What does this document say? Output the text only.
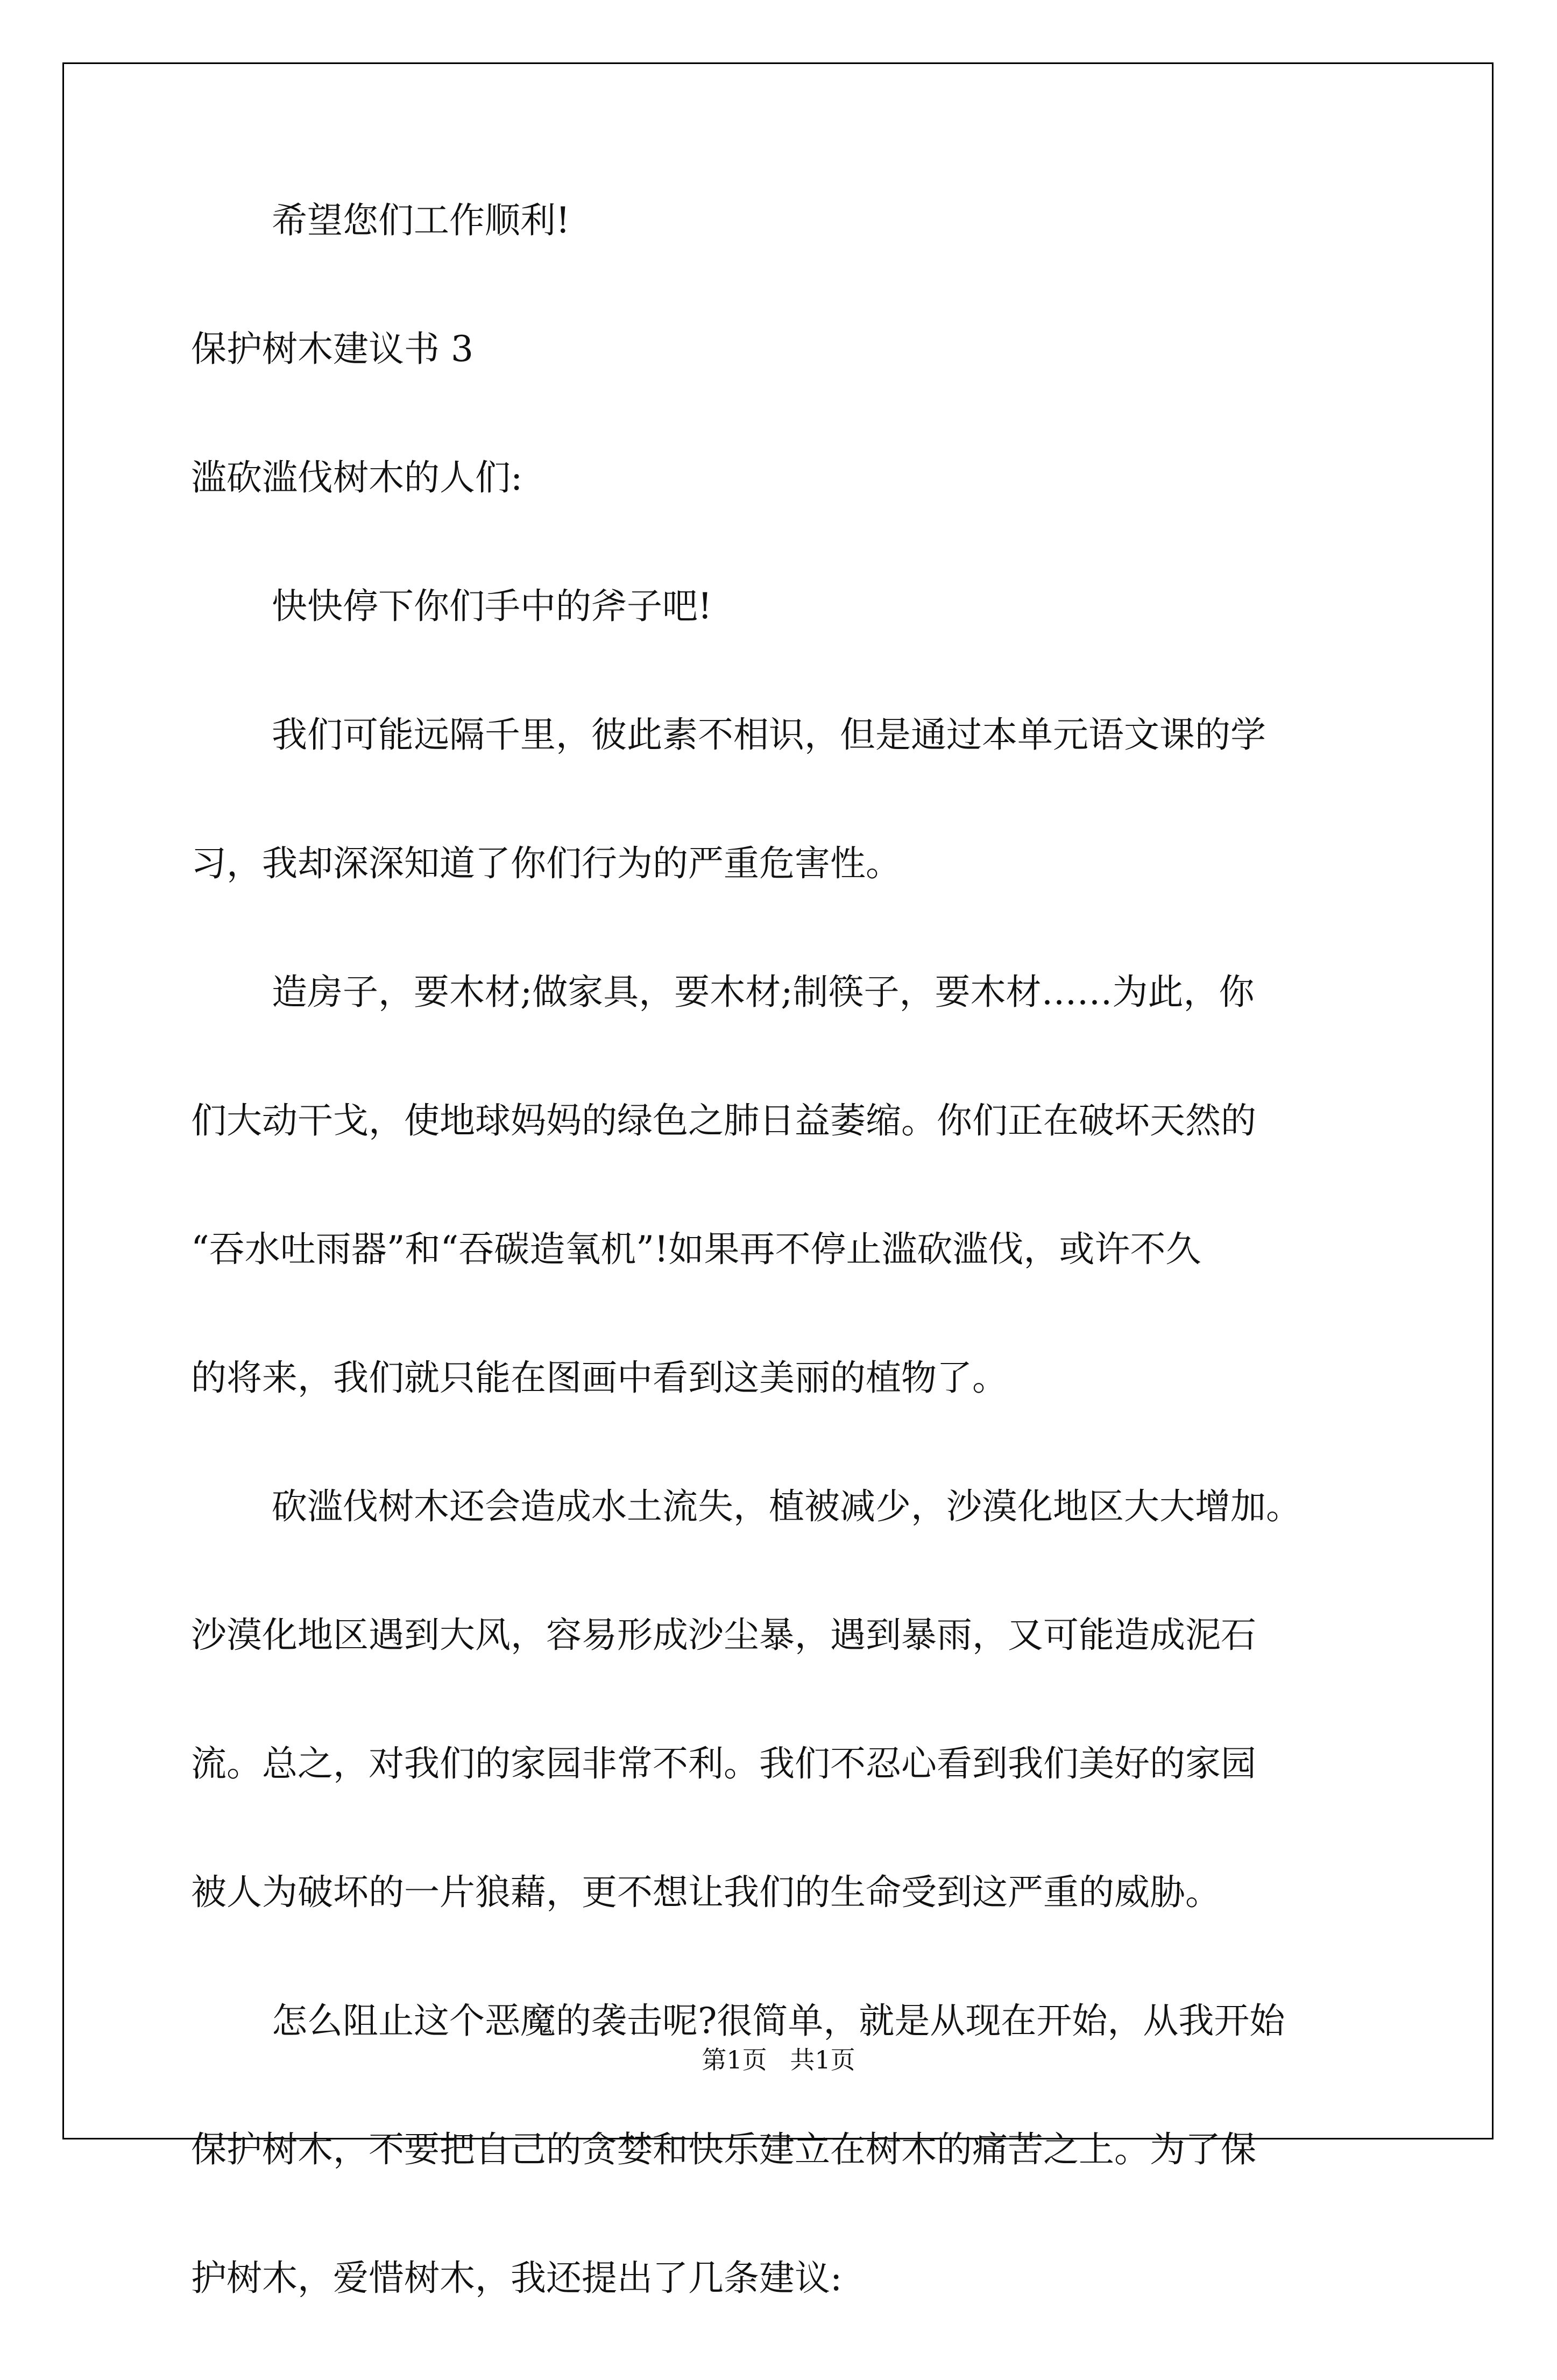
希望您们工作顺利!
保护树木建议书 3
滥砍滥伐树木的人们:
快快停下你们手中的斧子吧!
我们可能远隔千里，彼此素不相识，但是通过本单元语文课的学
习，我却深深知道了你们行为的严重危害性。
造房子，要木材;做家具，要木材;制筷子，要木材……为此，你
们大动干戈，使地球妈妈的绿色之肺日益萎缩。你们正在破坏天然的
“吞水吐雨器”和“吞碳造氧机”!如果再不停止滥砍滥伐，或许不久
的将来，我们就只能在图画中看到这美丽的植物了。
砍滥伐树木还会造成水土流失，植被减少，沙漠化地区大大增加。
沙漠化地区遇到大风，容易形成沙尘暴，遇到暴雨，又可能造成泥石
流。总之，对我们的家园非常不利。我们不忍心看到我们美好的家园
被人为破坏的一片狼藉，更不想让我们的生命受到这严重的威胁。
怎么阻止这个恶魔的袭击呢?很简单，就是从现在开始，从我开始
保护树木，不要把自己的贪婪和快乐建立在树木的痛苦之上。为了保
护树木，爱惜树木，我还提出了几条建议:
第1页 共1页
